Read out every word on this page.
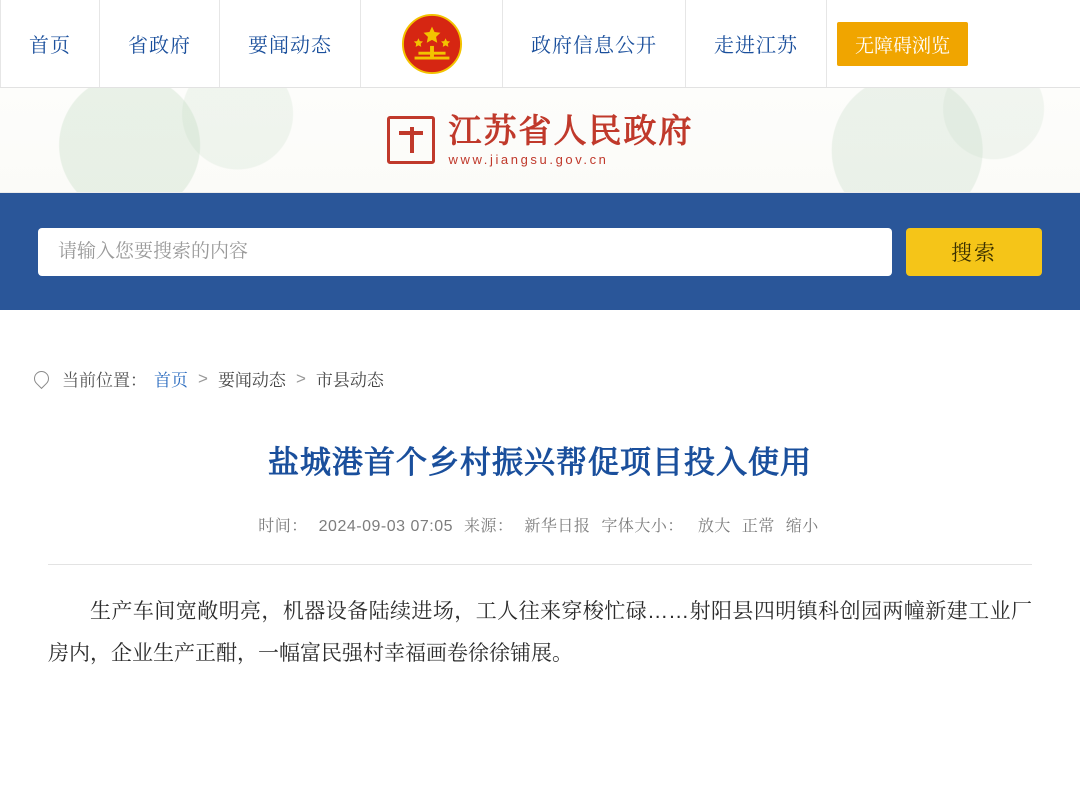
首页	省政府	要闻动态	政府信息公开	走进江苏	无障碍浏览
江苏省人民政府
www.jiangsu.gov.cn
请输入您要搜索的内容
搜索
当前位置： 首页 > 要闻动态 > 市县动态
盐城港首个乡村振兴帮促项目投入使用
时间： 2024-09-03 07:05 来源： 新华日报 字体大小： 放大 正常 缩小
生产车间宽敞明亮，机器设备陆续进场，工人往来穿梭忙碌……射阳县四明镇科创园两幢新建工业厂房内，企业生产正酣，一幅富民强村幸福画卷徐徐铺展。
